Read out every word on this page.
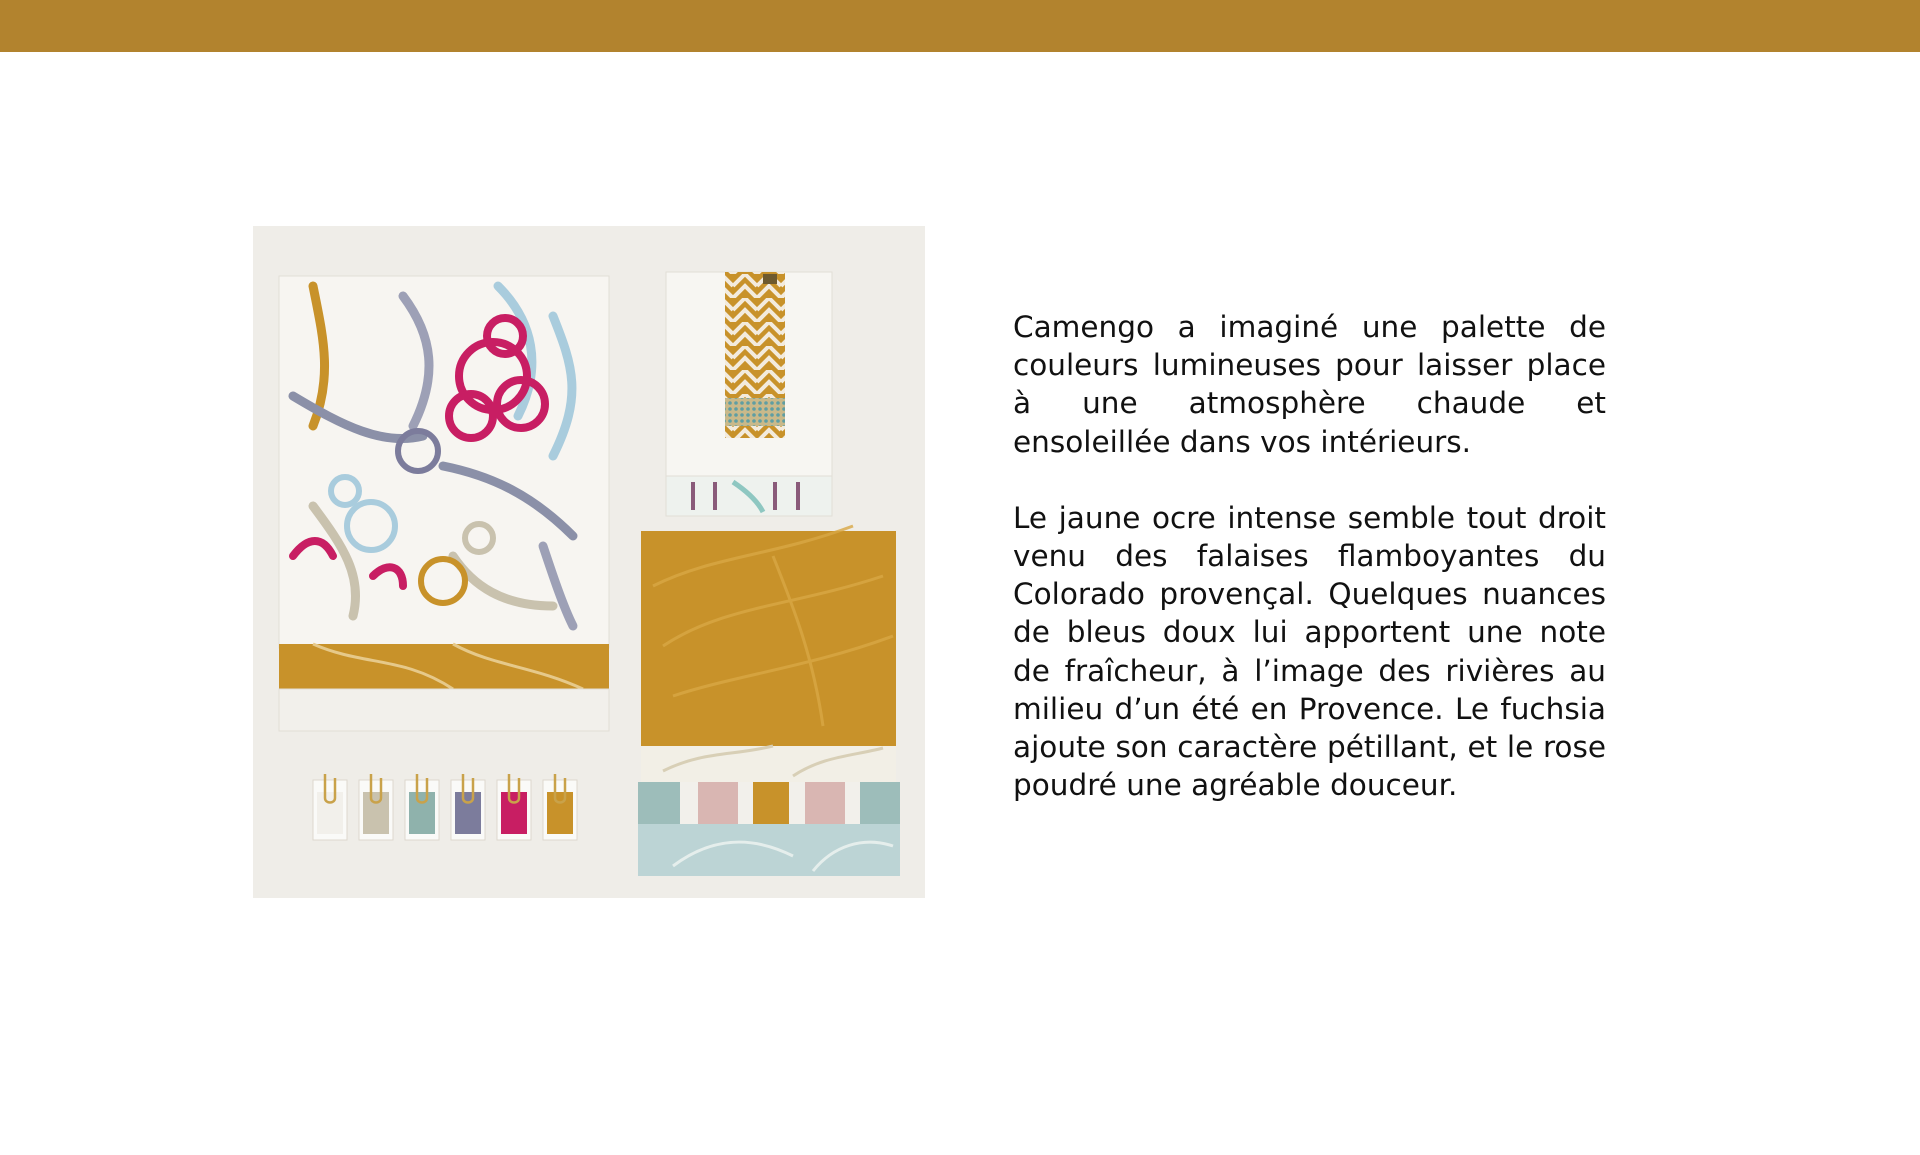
Camengo a imaginé une palette de couleurs lumineuses pour laisser place à une atmosphère chaude et ensoleillée dans vos intérieurs.

Le jaune ocre intense semble tout droit venu des falaises flamboyantes du Colorado provençal. Quelques nuances de bleus doux lui apportent une note de fraîcheur, à l’image des rivières au milieu d’un été en Provence. Le fuchsia ajoute son caractère pétillant, et le rose poudré une agréable douceur.
